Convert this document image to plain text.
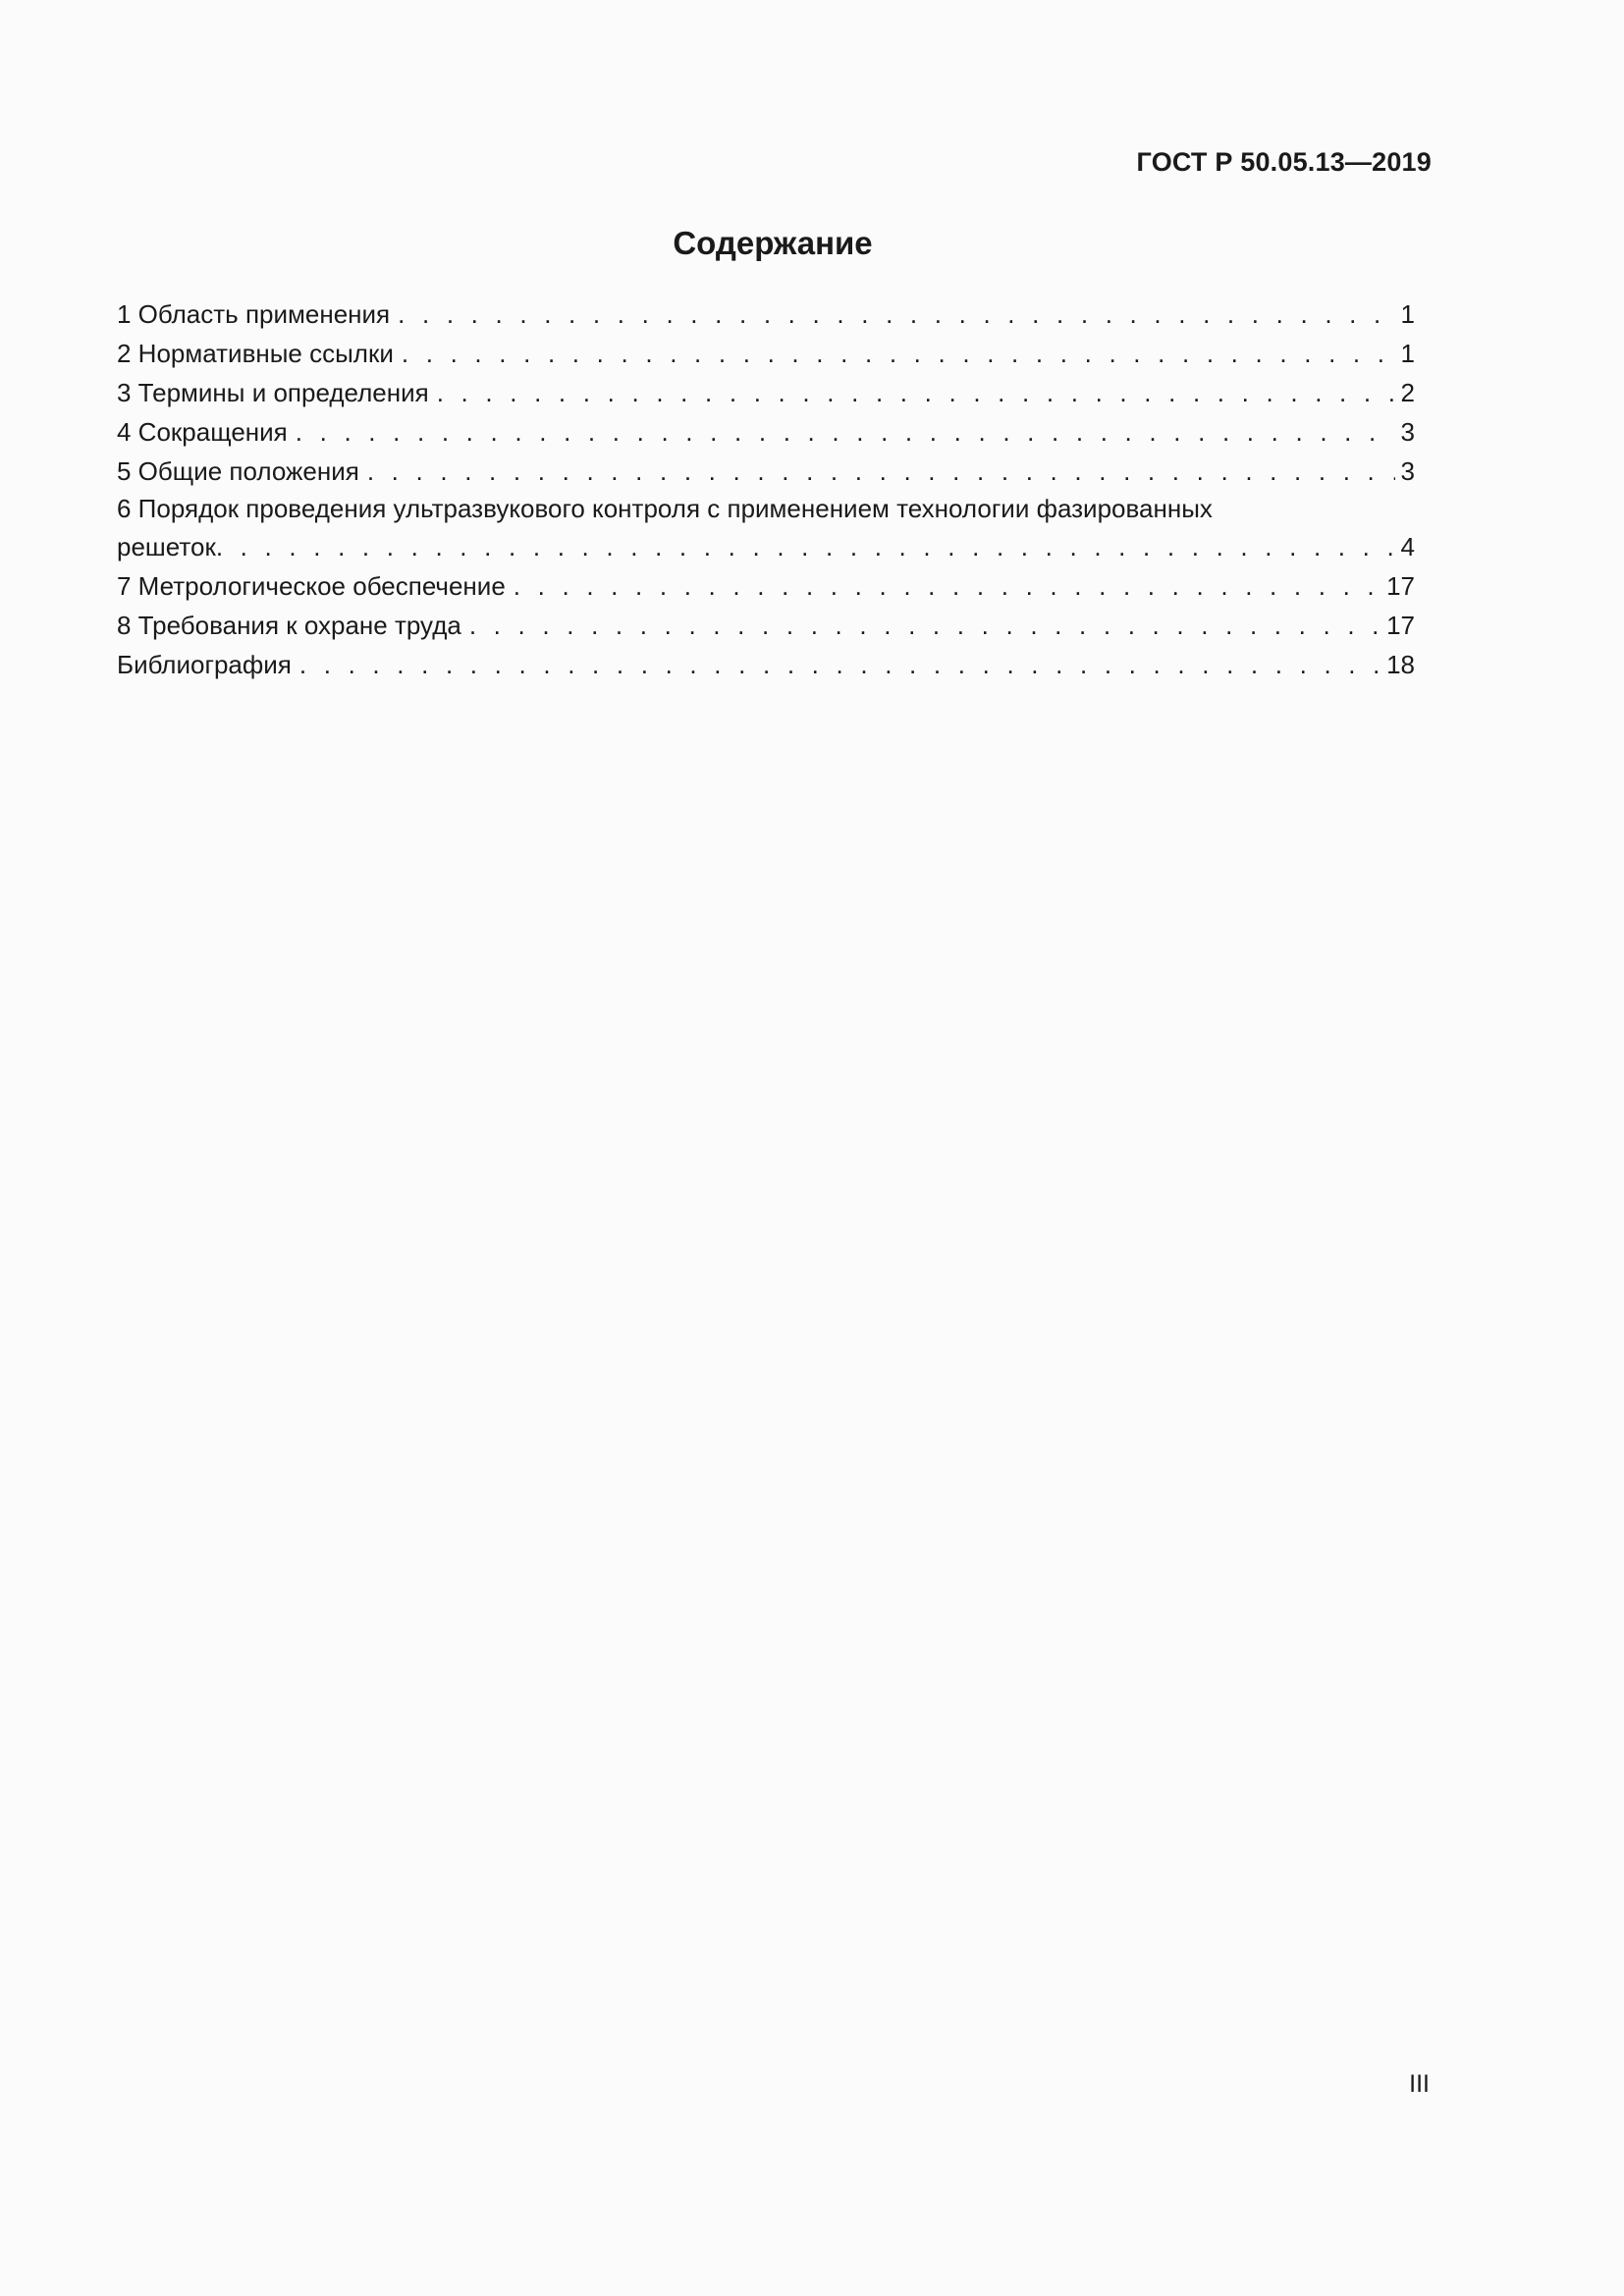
ГОСТ Р 50.05.13—2019
Содержание
1 Область применения . . .	1
2 Нормативные ссылки . . .	1
3 Термины и определения . . .	2
4 Сокращения . . .	3
5 Общие положения . . .	3
6 Порядок проведения ультразвукового контроля с применением технологии фазированных
решеток . . .	4
7 Метрологическое обеспечение . . .	17
8 Требования к охране труда . . .	17
Библиография . . .	18
III
